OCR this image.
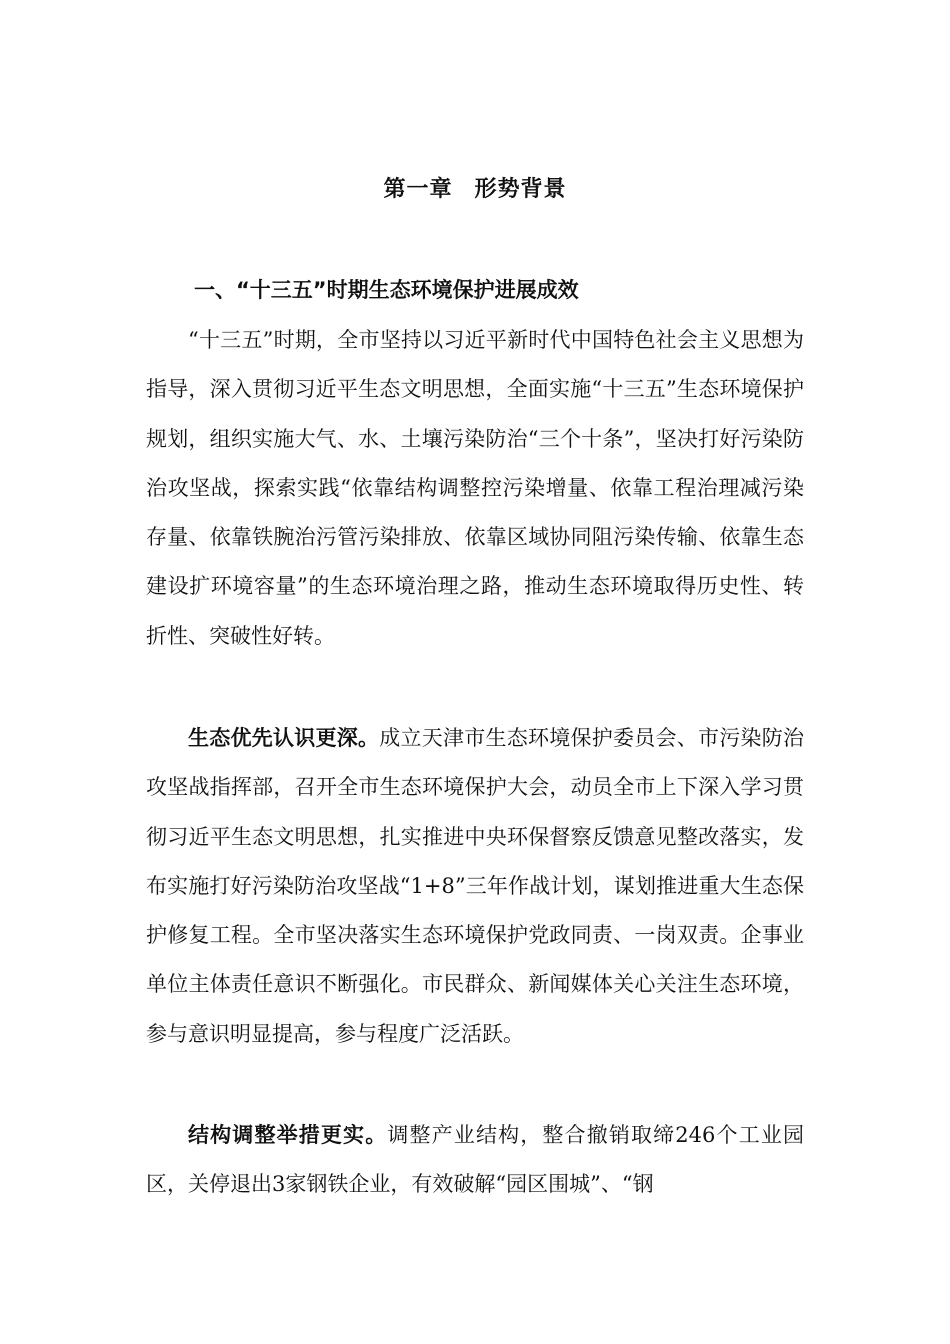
第一章 形势背景
一、“十三五”时期生态环境保护进展成效

“十三五”时期，全市坚持以习近平新时代中国特色社会主义思想为指导，深入贯彻习近平生态文明思想，全面实施“十三五”生态环境保护规划，组织实施大气、水、土壤污染防治“三个十条”，坚决打好污染防治攻坚战，探索实践“依靠结构调整控污染增量、依靠工程治理减污染存量、依靠铁腕治污管污染排放、依靠区域协同阻污染传输、依靠生态建设扩环境容量”的生态环境治理之路，推动生态环境取得历史性、转折性、突破性好转。

生态优先认识更深。成立天津市生态环境保护委员会、市污染防治攻坚战指挥部，召开全市生态环境保护大会，动员全市上下深入学习贯彻习近平生态文明思想，扎实推进中央环保督察反馈意见整改落实，发布实施打好污染防治攻坚战“1+8”三年作战计划，谋划推进重大生态保护修复工程。全市坚决落实生态环境保护党政同责、一岗双责。企事业单位主体责任意识不断强化。市民群众、新闻媒体关心关注生态环境，参与意识明显提高，参与程度广泛活跃。

结构调整举措更实。调整产业结构，整合撤销取缔246个工业园区，关停退出3家钢铁企业，有效破解“园区围城”、“钢
